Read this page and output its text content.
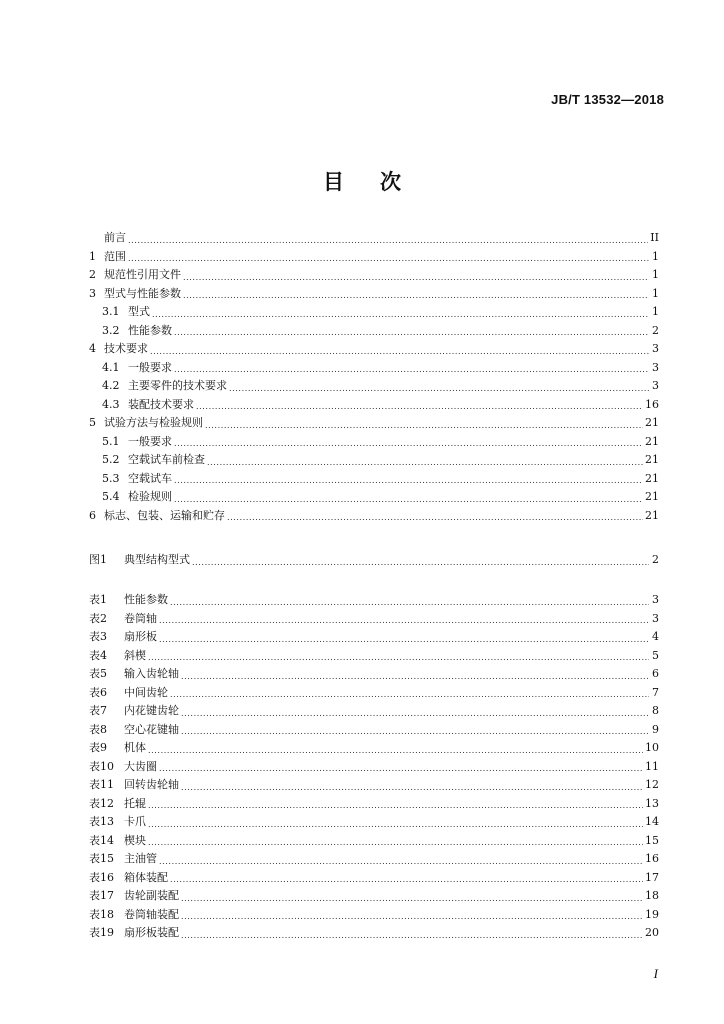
JB/T 13532—2018
目次
前言 .....	II
1 范围 .....	1
2 规范性引用文件 .....	1
3 型式与性能参数 .....	1
3.1 型式 .....	1
3.2 性能参数 .....	2
4 技术要求 .....	3
4.1 一般要求 .....	3
4.2 主要零件的技术要求 .....	3
4.3 装配技术要求 .....	16
5 试验方法与检验规则 .....	21
5.1 一般要求 .....	21
5.2 空载试车前检查 .....	21
5.3 空载试车 .....	21
5.4 检验规则 .....	21
6 标志、包装、运输和贮存 .....	21
图1	典型结构型式 .....	2
表1	性能参数 .....	3
表2	卷筒轴 .....	3
表3	扇形板 .....	4
表4	斜楔 .....	5
表5	输入齿轮轴 .....	6
表6	中间齿轮 .....	7
表7	内花键齿轮 .....	8
表8	空心花键轴 .....	9
表9	机体 .....	10
表10 大齿圈 .....	11
表11 回转齿轮轴 .....	12
表12 托辊 .....	13
表13 卡爪 .....	14
表14 楔块 .....	15
表15 主油管 .....	16
表16 箱体装配 .....	17
表17 齿轮副装配 .....	18
表18 卷筒轴装配 .....	19
表19 扇形板装配 .....	20
I
